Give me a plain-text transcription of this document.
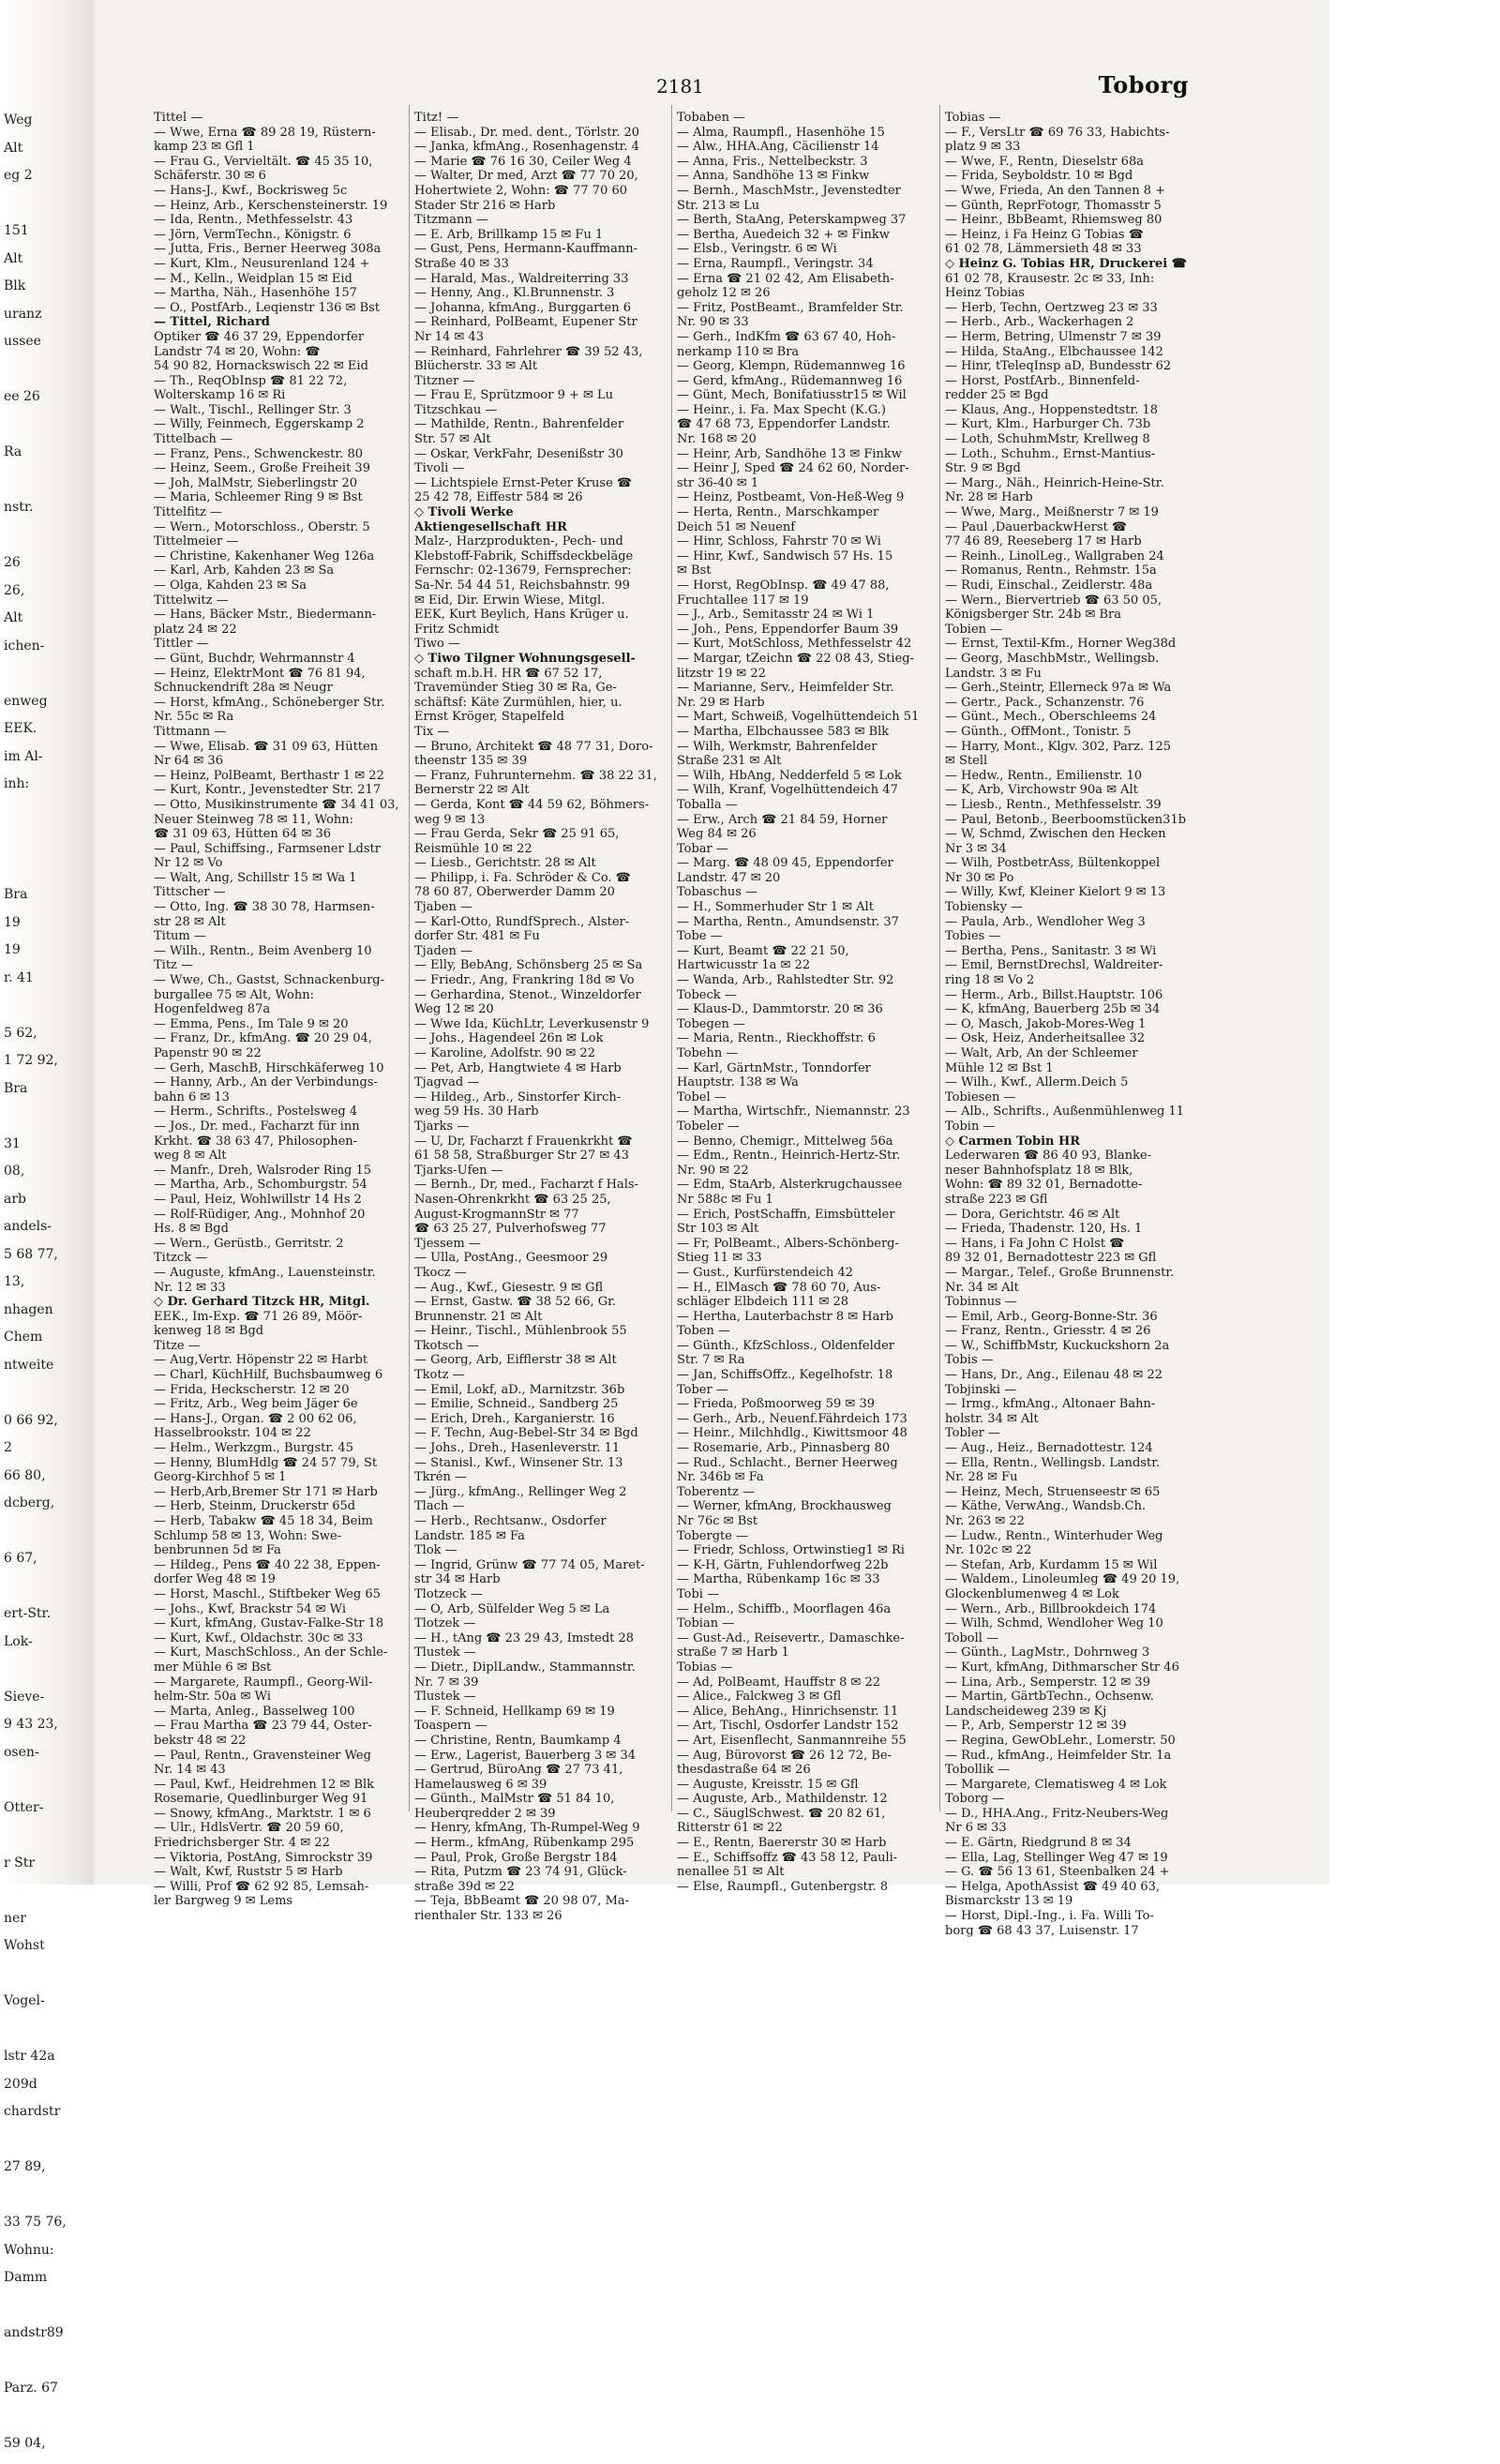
Weg
Alt
eg 2
151
Alt
Blk
uranz
ussee
ee 26
Ra
nstr.
26
26,
Alt
ichen-
enweg
EEK.
im Al-
inh:
Bra
19
19
r. 41
5 62,
1 72 92,
Bra
31
08,
arb
andels-
5 68 77,
13,
nhagen
Chem
ntweite
0 66 92,
2
66 80,
dcberg,
6 67,
ert-Str.
Lok-
Sieve-
9 43 23,
osen-
Otter-
r Str
ner
Wohst
Vogel-
lstr 42a
209d
chardstr
27 89,
33 75 76,
Wohnu:
Damm
andstr89
Parz. 67
59 04,
2181	Toborg
Tittel —
— Wwe, Erna ☎ 89 28 19, Rüstern-
kamp 23 ✉ Gfl 1
— Frau G., Vervieltält. ☎ 45 35 10,
Schäferstr. 30 ✉ 6
— Hans-J., Kwf., Bockrisweg 5c
— Heinz, Arb., Kerschensteinerstr. 19
— Ida, Rentn., Methfesselstr. 43
— Jörn, VermTechn., Königstr. 6
— Jutta, Fris., Berner Heerweg 308a
— Kurt, Klm., Neusurenland 124 +
— M., Kelln., Weidplan 15 ✉ Eid
— Martha, Näh., Hasenhöhe 157
— O., PostfArb., Leqienstr 136 ✉ Bst
— Tittel, Richard
Optiker ☎ 46 37 29, Eppendorfer
Landstr 74 ✉ 20, Wohn: ☎
54 90 82, Hornackswisch 22 ✉ Eid
— Th., ReqObInsp ☎ 81 22 72,
Wolterskamp 16 ✉ Ri
— Walt., Tischl., Rellinger Str. 3
— Willy, Feinmech, Eggerskamp 2
Tittelbach —
— Franz, Pens., Schwenckestr. 80
— Heinz, Seem., Große Freiheit 39
— Joh, MalMstr, Sieberlingstr 20
— Maria, Schleemer Ring 9 ✉ Bst
Tittelfitz —
— Wern., Motorschloss., Oberstr. 5
Tittelmeier —
— Christine, Kakenhaner Weg 126a
— Karl, Arb, Kahden 23 ✉ Sa
— Olga, Kahden 23 ✉ Sa
Tittelwitz —
— Hans, Bäcker Mstr., Biedermann-
platz 24 ✉ 22
Tittler —
— Günt, Buchdr, Wehrmannstr 4
— Heinz, ElektrMont ☎ 76 81 94,
Schnuckendrift 28a ✉ Neugr
— Horst, kfmAng., Schöneberger Str.
Nr. 55c ✉ Ra
Tittmann —
— Wwe, Elisab. ☎ 31 09 63, Hütten
Nr 64 ✉ 36
— Heinz, PolBeamt, Berthastr 1 ✉ 22
— Kurt, Kontr., Jevenstedter Str. 217
— Otto, Musikinstrumente ☎ 34 41 03,
Neuer Steinweg 78 ✉ 11, Wohn:
☎ 31 09 63, Hütten 64 ✉ 36
— Paul, Schiffsing., Farmsener Ldstr
Nr 12 ✉ Vo
— Walt, Ang, Schillstr 15 ✉ Wa 1
Tittscher —
— Otto, Ing. ☎ 38 30 78, Harmsen-
str 28 ✉ Alt
Titum —
— Wilh., Rentn., Beim Avenberg 10
Titz —
— Wwe, Ch., Gastst, Schnackenburg-
burgallee 75 ✉ Alt, Wohn:
Hogenfeldweg 87a
— Emma, Pens., Im Tale 9 ✉ 20
— Franz, Dr., kfmAng. ☎ 20 29 04,
Papenstr 90 ✉ 22
— Gerh, MaschB, Hirschkäferweg 10
— Hanny, Arb., An der Verbindungs-
bahn 6 ✉ 13
— Herm., Schrifts., Postelsweg 4
— Jos., Dr. med., Facharzt für inn
Krkht. ☎ 38 63 47, Philosophen-
weg 8 ✉ Alt
— Manfr., Dreh, Walsroder Ring 15
— Martha, Arb., Schomburgstr. 54
— Paul, Heiz, Wohlwillstr 14 Hs 2
— Rolf-Rüdiger, Ang., Mohnhof 20
Hs. 8 ✉ Bgd
— Wern., Gerüstb., Gerritstr. 2
Titzck —
— Auguste, kfmAng., Lauensteinstr.
Nr. 12 ✉ 33
◇ Dr. Gerhard Titzck HR, Mitgl.
EEK., Im-Exp. ☎ 71 26 89, Möör-
kenweg 18 ✉ Bgd
Titze —
— Aug,Vertr. Höpenstr 22 ✉ Harbt
— Charl, KüchHilf, Buchsbaumweg 6
— Frida, Heckscherstr. 12 ✉ 20
— Fritz, Arb., Weg beim Jäger 6e
— Hans-J., Organ. ☎ 2 00 62 06,
Hasselbrookstr. 104 ✉ 22
— Helm., Werkzgm., Burgstr. 45
— Henny, BlumHdlg ☎ 24 57 79, St
Georg-Kirchhof 5 ✉ 1
— Herb,Arb,Bremer Str 171 ✉ Harb
— Herb, Steinm, Druckerstr 65d
— Herb, Tabakw ☎ 45 18 34, Beim
Schlump 58 ✉ 13, Wohn: Swe-
benbrunnen 5d ✉ Fa
— Hildeg., Pens ☎ 40 22 38, Eppen-
dorfer Weg 48 ✉ 19
— Horst, Maschl., Stiftbeker Weg 65
— Johs., Kwf, Brackstr 54 ✉ Wi
— Kurt, kfmAng, Gustav-Falke-Str 18
— Kurt, Kwf., Oldachstr. 30c ✉ 33
— Kurt, MaschSchloss., An der Schle-
mer Mühle 6 ✉ Bst
— Margarete, Raumpfl., Georg-Wil-
helm-Str. 50a ✉ Wi
— Marta, Anleg., Basselweg 100
— Frau Martha ☎ 23 79 44, Oster-
bekstr 48 ✉ 22
— Paul, Rentn., Gravensteiner Weg
Nr. 14 ✉ 43
— Paul, Kwf., Heidrehmen 12 ✉ Blk
Rosemarie, Quedlinburger Weg 91
— Snowy, kfmAng., Marktstr. 1 ✉ 6
— Ulr., HdlsVertr. ☎ 20 59 60,
Friedrichsberger Str. 4 ✉ 22
— Viktoria, PostAng, Simrockstr 39
— Walt, Kwf, Ruststr 5 ✉ Harb
— Willi, Prof ☎ 62 92 85, Lemsah-
ler Bargweg 9 ✉ Lems
Titz! —
— Elisab., Dr. med. dent., Törlstr. 20
— Janka, kfmAng., Rosenhagenstr. 4
— Marie ☎ 76 16 30, Ceiler Weg 4
— Walter, Dr med, Arzt ☎ 77 70 20,
Hohertwiete 2, Wohn: ☎ 77 70 60
Stader Str 216 ✉ Harb
Titzmann —
— E. Arb, Brillkamp 15 ✉ Fu 1
— Gust, Pens, Hermann-Kauffmann-
Straße 40 ✉ 33
— Harald, Mas., Waldreiterring 33
— Henny, Ang., Kl.Brunnenstr. 3
— Johanna, kfmAng., Burggarten 6
— Reinhard, PolBeamt, Eupener Str
Nr 14 ✉ 43
— Reinhard, Fahrlehrer ☎ 39 52 43,
Blücherstr. 33 ✉ Alt
Titzner —
— Frau E, Sprützmoor 9 + ✉ Lu
Titzschkau —
— Mathilde, Rentn., Bahrenfelder
Str. 57 ✉ Alt
— Oskar, VerkFahr, Desenißstr 30
Tivoli —
— Lichtspiele Ernst-Peter Kruse ☎
25 42 78, Eiffestr 584 ✉ 26
◇ Tivoli Werke
Aktiengesellschaft HR
Malz-, Harzprodukten-, Pech- und
Klebstoff-Fabrik, Schiffsdeckbeläge
Fernschr: 02-13679, Fernsprecher:
Sa-Nr. 54 44 51, Reichsbahnstr. 99
✉ Eid, Dir. Erwin Wiese, Mitgl.
EEK, Kurt Beylich, Hans Krüger u.
Fritz Schmidt
Tiwo —
◇ Tiwo Tilgner Wohnungsgesell-
schaft m.b.H. HR ☎ 67 52 17,
Travemünder Stieg 30 ✉ Ra, Ge-
schäftsf: Käte Zurmühlen, hier, u.
Ernst Kröger, Stapelfeld
Tix —
— Bruno, Architekt ☎ 48 77 31, Doro-
theenstr 135 ✉ 39
— Franz, Fuhrunternehm. ☎ 38 22 31,
Bernerstr 22 ✉ Alt
— Gerda, Kont ☎ 44 59 62, Böhmers-
weg 9 ✉ 13
— Frau Gerda, Sekr ☎ 25 91 65,
Reismühle 10 ✉ 22
— Liesb., Gerichtstr. 28 ✉ Alt
— Philipp, i. Fa. Schröder & Co. ☎
78 60 87, Oberwerder Damm 20
Tjaben —
— Karl-Otto, RundfSprech., Alster-
dorfer Str. 481 ✉ Fu
Tjaden —
— Elly, BebAng, Schönsberg 25 ✉ Sa
— Friedr., Ang, Frankring 18d ✉ Vo
— Gerhardina, Stenot., Winzeldorfer
Weg 12 ✉ 20
— Wwe Ida, KüchLtr, Leverkusenstr 9
— Johs., Hagendeel 26n ✉ Lok
— Karoline, Adolfstr. 90 ✉ 22
— Pet, Arb, Hangtwiete 4 ✉ Harb
Tjagvad —
— Hildeg., Arb., Sinstorfer Kirch-
weg 59 Hs. 30 Harb
Tjarks —
— U, Dr, Facharzt f Frauenkrkht ☎
61 58 58, Straßburger Str 27 ✉ 43
Tjarks-Ufen —
— Bernh., Dr, med., Facharzt f Hals-
Nasen-Ohrenkrkht ☎ 63 25 25,
August-KrogmannStr ✉ 77
☎ 63 25 27, Pulverhofsweg 77
Tjessem —
— Ulla, PostAng., Geesmoor 29
Tkocz —
— Aug., Kwf., Giesestr. 9 ✉ Gfl
— Ernst, Gastw. ☎ 38 52 66, Gr.
Brunnenstr. 21 ✉ Alt
— Heinr., Tischl., Mühlenbrook 55
Tkotsch —
— Georg, Arb, Eifflerstr 38 ✉ Alt
Tkotz —
— Emil, Lokf, aD., Marnitzstr. 36b
— Emilie, Schneid., Sandberg 25
— Erich, Dreh., Karganierstr. 16
— F. Techn, Aug-Bebel-Str 34 ✉ Bgd
— Johs., Dreh., Hasenleverstr. 11
— Stanisl., Kwf., Winsener Str. 13
Tkrén —
— Jürg., kfmAng., Rellinger Weg 2
Tlach —
— Herb., Rechtsanw., Osdorfer
Landstr. 185 ✉ Fa
Tlok —
— Ingrid, Grünw ☎ 77 74 05, Maret-
str 34 ✉ Harb
Tlotzeck —
— O, Arb, Sülfelder Weg 5 ✉ La
Tlotzek —
— H., tAng ☎ 23 29 43, Imstedt 28
Tlustek —
— Dietr., DiplLandw., Stammannstr.
Nr. 7 ✉ 39
Tlustek —
— F. Schneid, Hellkamp 69 ✉ 19
Toaspern —
— Christine, Rentn, Baumkamp 4
— Erw., Lagerist, Bauerberg 3 ✉ 34
— Gertrud, BüroAng ☎ 27 73 41,
Hamelausweg 6 ✉ 39
— Günth., MalMstr ☎ 51 84 10,
Heuberqredder 2 ✉ 39
— Henry, kfmAng, Th-Rumpel-Weg 9
— Herm., kfmAng, Rübenkamp 295
— Paul, Prok, Große Bergstr 184
— Rita, Putzm ☎ 23 74 91, Glück-
straße 39d ✉ 22
— Teja, BbBeamt ☎ 20 98 07, Ma-
rienthaler Str. 133 ✉ 26
Tobaben —
— Alma, Raumpfl., Hasenhöhe 15
— Alw., HHA.Ang, Cäcilienstr 14
— Anna, Fris., Nettelbeckstr. 3
— Anna, Sandhöhe 13 ✉ Finkw
— Bernh., MaschMstr., Jevenstedter
Str. 213 ✉ Lu
— Berth, StaAng, Peterskampweg 37
— Bertha, Auedeich 32 + ✉ Finkw
— Elsb., Veringstr. 6 ✉ Wi
— Erna, Raumpfl., Veringstr. 34
— Erna ☎ 21 02 42, Am Elisabeth-
geholz 12 ✉ 26
— Fritz, PostBeamt., Bramfelder Str.
Nr. 90 ✉ 33
— Gerh., IndKfm ☎ 63 67 40, Hoh-
nerkamp 110 ✉ Bra
— Georg, Klempn, Rüdemannweg 16
— Gerd, kfmAng., Rüdemannweg 16
— Günt, Mech, Bonifatiusstr15 ✉ Wil
— Heinr., i. Fa. Max Specht (K.G.)
☎ 47 68 73, Eppendorfer Landstr.
Nr. 168 ✉ 20
— Heinr, Arb, Sandhöhe 13 ✉ Finkw
— Heinr J, Sped ☎ 24 62 60, Norder-
str 36-40 ✉ 1
— Heinz, Postbeamt, Von-Heß-Weg 9
— Herta, Rentn., Marschkamper
Deich 51 ✉ Neuenf
— Hinr, Schloss, Fahrstr 70 ✉ Wi
— Hinr, Kwf., Sandwisch 57 Hs. 15
✉ Bst
— Horst, RegObInsp. ☎ 49 47 88,
Fruchtallee 117 ✉ 19
— J., Arb., Semitasstr 24 ✉ Wi 1
— Joh., Pens, Eppendorfer Baum 39
— Kurt, MotSchloss, Methfesselstr 42
— Margar, tZeichn ☎ 22 08 43, Stieg-
litzstr 19 ✉ 22
— Marianne, Serv., Heimfelder Str.
Nr. 29 ✉ Harb
— Mart, Schweiß, Vogelhüttendeich 51
— Martha, Elbchaussee 583 ✉ Blk
— Wilh, Werkmstr, Bahrenfelder
Straße 231 ✉ Alt
— Wilh, HbAng, Nedderfeld 5 ✉ Lok
— Wilh, Kranf, Vogelhüttendeich 47
Toballa —
— Erw., Arch ☎ 21 84 59, Horner
Weg 84 ✉ 26
Tobar —
— Marg. ☎ 48 09 45, Eppendorfer
Landstr. 47 ✉ 20
Tobaschus —
— H., Sommerhuder Str 1 ✉ Alt
— Martha, Rentn., Amundsenstr. 37
Tobe —
— Kurt, Beamt ☎ 22 21 50,
Hartwicusstr 1a ✉ 22
— Wanda, Arb., Rahlstedter Str. 92
Tobeck —
— Klaus-D., Dammtorstr. 20 ✉ 36
Tobegen —
— Maria, Rentn., Rieckhoffstr. 6
Tobehn —
— Karl, GärtnMstr., Tonndorfer
Hauptstr. 138 ✉ Wa
Tobel —
— Martha, Wirtschfr., Niemannstr. 23
Tobeler —
— Benno, Chemigr., Mittelweg 56a
— Edm., Rentn., Heinrich-Hertz-Str.
Nr. 90 ✉ 22
— Edm, StaArb, Alsterkrugchaussee
Nr 588c ✉ Fu 1
— Erich, PostSchaffn, Eimsbütteler
Str 103 ✉ Alt
— Fr, PolBeamt., Albers-Schönberg-
Stieg 11 ✉ 33
— Gust., Kurfürstendeich 42
— H., ElMasch ☎ 78 60 70, Aus-
schläger Elbdeich 111 ✉ 28
— Hertha, Lauterbachstr 8 ✉ Harb
Toben —
— Günth., KfzSchloss., Oldenfelder
Str. 7 ✉ Ra
— Jan, SchiffsOffz., Kegelhofstr. 18
Tober —
— Frieda, Poßmoorweg 59 ✉ 39
— Gerh., Arb., Neuenf.Fährdeich 173
— Heinr., Milchhdlg., Kiwittsmoor 48
— Rosemarie, Arb., Pinnasberg 80
— Rud., Schlacht., Berner Heerweg
Nr. 346b ✉ Fa
Toberentz —
— Werner, kfmAng, Brockhausweg
Nr 76c ✉ Bst
Tobergte —
— Friedr, Schloss, Ortwinstieg1 ✉ Ri
— K-H, Gärtn, Fuhlendorfweg 22b
— Martha, Rübenkamp 16c ✉ 33
Tobi —
— Helm., Schiffb., Moorflagen 46a
Tobian —
— Gust-Ad., Reisevertr., Damaschke-
straße 7 ✉ Harb 1
Tobias —
— Ad, PolBeamt, Hauffstr 8 ✉ 22
— Alice., Falckweg 3 ✉ Gfl
— Alice, BehAng., Hinrichsenstr. 11
— Art, Tischl, Osdorfer Landstr 152
— Art, Eisenflecht, Sanmannreihe 55
— Aug, Bürovorst ☎ 26 12 72, Be-
thesdastraße 64 ✉ 26
— Auguste, Kreisstr. 15 ✉ Gfl
— Auguste, Arb., Mathildenstr. 12
— C., SäuglSchwest. ☎ 20 82 61,
Ritterstr 61 ✉ 22
— E., Rentn, Baererstr 30 ✉ Harb
— E., Schiffsoffz ☎ 43 58 12, Pauli-
nenallee 51 ✉ Alt
— Else, Raumpfl., Gutenbergstr. 8
Tobias —
— F., VersLtr ☎ 69 76 33, Habichts-
platz 9 ✉ 33
— Wwe, F., Rentn, Dieselstr 68a
— Frida, Seyboldstr. 10 ✉ Bgd
— Wwe, Frieda, An den Tannen 8 +
— Günth, ReprFotogr, Thomasstr 5
— Heinr., BbBeamt, Rhiemsweg 80
— Heinz, i Fa Heinz G Tobias ☎
61 02 78, Lämmersieth 48 ✉ 33
◇ Heinz G. Tobias HR, Druckerei ☎
61 02 78, Krausestr. 2c ✉ 33, Inh:
Heinz Tobias
— Herb, Techn, Oertzweg 23 ✉ 33
— Herb., Arb., Wackerhagen 2
— Herm, Betring, Ulmenstr 7 ✉ 39
— Hilda, StaAng., Elbchaussee 142
— Hinr, tTeleqInsp aD, Bundesstr 62
— Horst, PostfArb., Binnenfeld-
redder 25 ✉ Bgd
— Klaus, Ang., Hoppenstedtstr. 18
— Kurt, Klm., Harburger Ch. 73b
— Loth, SchuhmMstr, Krellweg 8
— Loth., Schuhm., Ernst-Mantius-
Str. 9 ✉ Bgd
— Marg., Näh., Heinrich-Heine-Str.
Nr. 28 ✉ Harb
— Wwe, Marg., Meißnerstr 7 ✉ 19
— Paul ,DauerbackwHerst ☎
77 46 89, Reeseberg 17 ✉ Harb
— Reinh., LinolLeg., Wallgraben 24
— Romanus, Rentn., Rehmstr. 15a
— Rudi, Einschal., Zeidlerstr. 48a
— Wern., Biervertrieb ☎ 63 50 05,
Königsberger Str. 24b ✉ Bra
Tobien —
— Ernst, Textil-Kfm., Horner Weg38d
— Georg, MaschbMstr., Wellingsb.
Landstr. 3 ✉ Fu
— Gerh.,Steintr, Ellerneck 97a ✉ Wa
— Gertr., Pack., Schanzenstr. 76
— Günt., Mech., Oberschleems 24
— Günth., OffMont., Tonistr. 5
— Harry, Mont., Klgv. 302, Parz. 125
✉ Stell
— Hedw., Rentn., Emilienstr. 10
— K, Arb, Virchowstr 90a ✉ Alt
— Liesb., Rentn., Methfesselstr. 39
— Paul, Betonb., Beerboomstücken31b
— W, Schmd, Zwischen den Hecken
Nr 3 ✉ 34
— Wilh, PostbetrAss, Bültenkoppel
Nr 30 ✉ Po
— Willy, Kwf, Kleiner Kielort 9 ✉ 13
Tobiensky —
— Paula, Arb., Wendloher Weg 3
Tobies —
— Bertha, Pens., Sanitastr. 3 ✉ Wi
— Emil, BernstDrechsl, Waldreiter-
ring 18 ✉ Vo 2
— Herm., Arb., Billst.Hauptstr. 106
— K, kfmAng, Bauerberg 25b ✉ 34
— O, Masch, Jakob-Mores-Weg 1
— Osk, Heiz, Anderheitsallee 32
— Walt, Arb, An der Schleemer
Mühle 12 ✉ Bst 1
— Wilh., Kwf., Allerm.Deich 5
Tobiesen —
— Alb., Schrifts., Außenmühlenweg 11
Tobin —
◇ Carmen Tobin HR
Lederwaren ☎ 86 40 93, Blanke-
neser Bahnhofsplatz 18 ✉ Blk,
Wohn: ☎ 89 32 01, Bernadotte-
straße 223 ✉ Gfl
— Dora, Gerichtstr. 46 ✉ Alt
— Frieda, Thadenstr. 120, Hs. 1
— Hans, i Fa John C Holst ☎
89 32 01, Bernadottestr 223 ✉ Gfl
— Margar., Telef., Große Brunnenstr.
Nr. 34 ✉ Alt
Tobinnus —
— Emil, Arb., Georg-Bonne-Str. 36
— Franz, Rentn., Griesstr. 4 ✉ 26
— W., SchiffbMstr, Kuckuckshorn 2a
Tobis —
— Hans, Dr., Ang., Eilenau 48 ✉ 22
Tobjinski —
— Irmg., kfmAng., Altonaer Bahn-
holstr. 34 ✉ Alt
Tobler —
— Aug., Heiz., Bernadottestr. 124
— Ella, Rentn., Wellingsb. Landstr.
Nr. 28 ✉ Fu
— Heinz, Mech, Struenseestr ✉ 65
— Käthe, VerwAng., Wandsb.Ch.
Nr. 263 ✉ 22
— Ludw., Rentn., Winterhuder Weg
Nr. 102c ✉ 22
— Stefan, Arb, Kurdamm 15 ✉ Wil
— Waldem., Linoleumleg ☎ 49 20 19,
Glockenblumenweg 4 ✉ Lok
— Wern., Arb., Billbrookdeich 174
— Wilh, Schmd, Wendloher Weg 10
Toboll —
— Günth., LagMstr., Dohrnweg 3
— Kurt, kfmAng, Dithmarscher Str 46
— Lina, Arb., Semperstr. 12 ✉ 39
— Martin, GärtbTechn., Ochsenw.
Landscheideweg 239 ✉ Kj
— P., Arb, Semperstr 12 ✉ 39
— Regina, GewObLehr., Lomerstr. 50
— Rud., kfmAng., Heimfelder Str. 1a
Tobollik —
— Margarete, Clematisweg 4 ✉ Lok
Toborg —
— D., HHA.Ang., Fritz-Neubers-Weg
Nr 6 ✉ 33
— E. Gärtn, Riedgrund 8 ✉ 34
— Ella, Lag, Stellinger Weg 47 ✉ 19
— G. ☎ 56 13 61, Steenbalken 24 +
— Helga, ApothAssist ☎ 49 40 63,
Bismarckstr 13 ✉ 19
— Horst, Dipl.-Ing., i. Fa. Willi To-
borg ☎ 68 43 37, Luisenstr. 17
